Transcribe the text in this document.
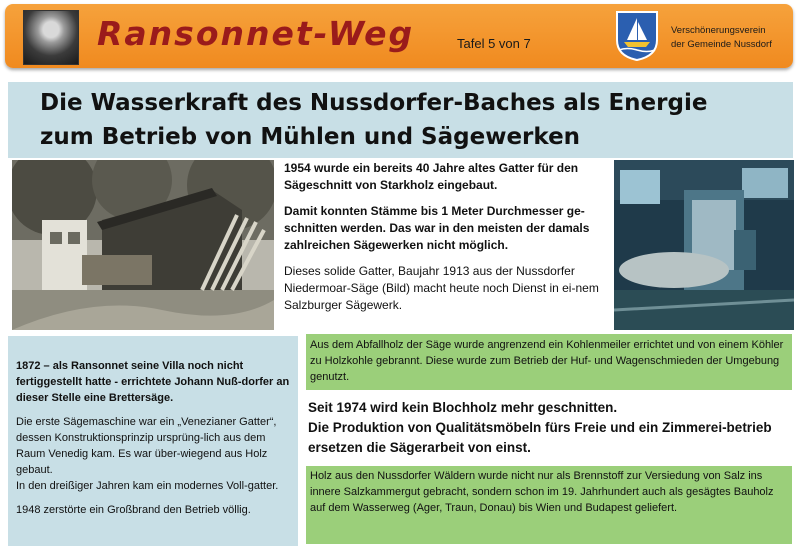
Ransonnet-Weg	Tafel 5 von 7
Verschönerungsverein
der Gemeinde Nussdorf
Die Wasserkraft des Nussdorfer-Baches als Energie
zum Betrieb von Mühlen und Sägewerken

1954 wurde ein bereits 40 Jahre altes Gatter für den Sägeschnitt von Starkholz eingebaut.

Damit konnten Stämme bis 1 Meter Durchmesser ge-schnitten werden. Das war in den meisten der damals zahlreichen Sägewerken nicht möglich.

Dieses solide Gatter, Baujahr 1913 aus der Nussdorfer Niedermoar-Säge (Bild) macht heute noch Dienst in ei-nem Salzburger Sägewerk.

1872 – als Ransonnet seine Villa noch nicht fertiggestellt hatte - errichtete Johann Nuß-dorfer an dieser Stelle eine Brettersäge.

Die erste Sägemaschine war ein „Venezianer Gatter“, dessen Konstruktionsprinzip ursprüng-lich aus dem Raum Venedig kam. Es war über-wiegend aus Holz gebaut.
In den dreißiger Jahren kam ein modernes Voll-gatter.

1948 zerstörte ein Großbrand den Betrieb völlig.

Aus dem Abfallholz der Säge wurde angrenzend ein Kohlenmeiler errichtet und von einem Köhler zu Holzkohle gebrannt. Diese wurde zum Betrieb der Huf- und Wagenschmieden der Umgebung genutzt.

Seit 1974 wird kein Blochholz mehr geschnitten.
Die Produktion von Qualitätsmöbeln fürs Freie und ein Zimmerei-betrieb ersetzen die Sägerarbeit von einst.

Holz aus den Nussdorfer Wäldern wurde nicht nur als Brennstoff zur Versiedung von Salz ins innere Salzkammergut gebracht, sondern schon im 19. Jahrhundert auch als gesägtes Bauholz auf dem Wasserweg (Ager, Traun, Donau) bis Wien und Budapest geliefert.
